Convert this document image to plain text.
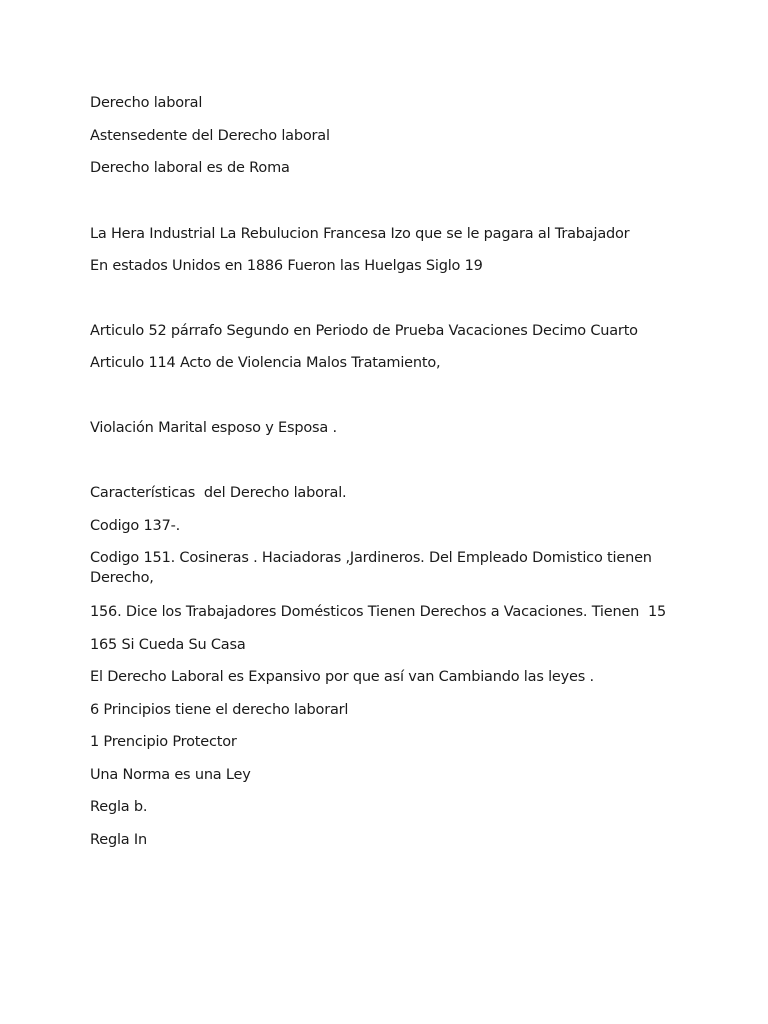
Derecho laboral
Astensedente del Derecho laboral
Derecho laboral es de Roma
La Hera Industrial La Rebulucion Francesa Izo que se le pagara al Trabajador
En estados Unidos en 1886 Fueron las Huelgas Siglo 19
Articulo 52 párrafo Segundo en Periodo de Prueba Vacaciones Decimo Cuarto
Articulo 114 Acto de Violencia Malos Tratamiento,
Violación Marital esposo y Esposa .
Características  del Derecho laboral.
Codigo 137-.
Codigo 151. Cosineras . Haciadoras ,Jardineros. Del Empleado Domistico tienen Derecho,
156. Dice los Trabajadores Domésticos Tienen Derechos a Vacaciones. Tienen  15
165 Si Cueda Su Casa
El Derecho Laboral es Expansivo por que así van Cambiando las leyes .
6 Principios tiene el derecho laborarl
1 Prencipio Protector
Una Norma es una Ley
Regla b.
Regla In
